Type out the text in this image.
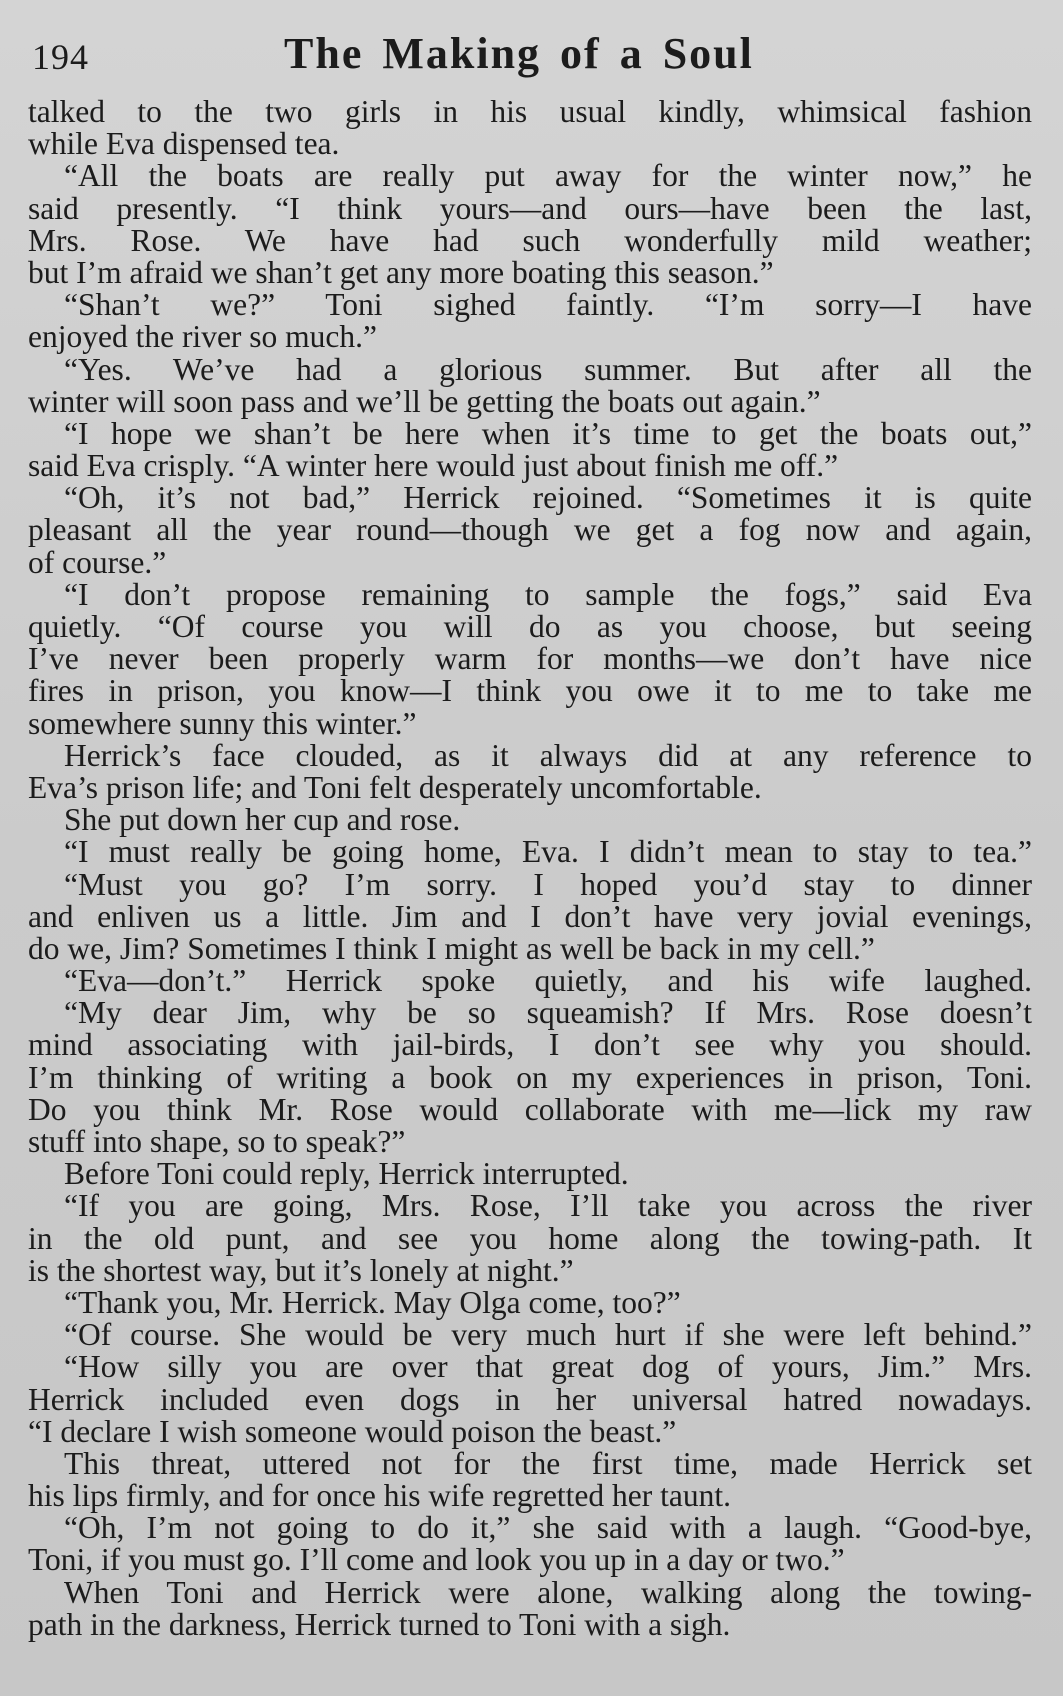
194	The Making of a Soul
talked to the two girls in his usual kindly, whimsical fashion
while Eva dispensed tea.
“All the boats are really put away for the winter now,” he
said presently. “I think yours—and ours—have been the last,
Mrs. Rose. We have had such wonderfully mild weather;
but I’m afraid we shan’t get any more boating this season.”
“Shan’t we?” Toni sighed faintly. “I’m sorry—I have
enjoyed the river so much.”
“Yes. We’ve had a glorious summer. But after all the
winter will soon pass and we’ll be getting the boats out again.”
“I hope we shan’t be here when it’s time to get the boats out,”
said Eva crisply. “A winter here would just about finish me off.”
“Oh, it’s not bad,” Herrick rejoined. “Sometimes it is quite
pleasant all the year round—though we get a fog now and again,
of course.”
“I don’t propose remaining to sample the fogs,” said Eva
quietly. “Of course you will do as you choose, but seeing
I’ve never been properly warm for months—we don’t have nice
fires in prison, you know—I think you owe it to me to take me
somewhere sunny this winter.”
Herrick’s face clouded, as it always did at any reference to
Eva’s prison life; and Toni felt desperately uncomfortable.
She put down her cup and rose.
“I must really be going home, Eva. I didn’t mean to stay to tea.”
“Must you go? I’m sorry. I hoped you’d stay to dinner
and enliven us a little. Jim and I don’t have very jovial evenings,
do we, Jim? Sometimes I think I might as well be back in my cell.”
“Eva—don’t.” Herrick spoke quietly, and his wife laughed.
“My dear Jim, why be so squeamish? If Mrs. Rose doesn’t
mind associating with jail-birds, I don’t see why you should.
I’m thinking of writing a book on my experiences in prison, Toni.
Do you think Mr. Rose would collaborate with me—lick my raw
stuff into shape, so to speak?”
Before Toni could reply, Herrick interrupted.
“If you are going, Mrs. Rose, I’ll take you across the river
in the old punt, and see you home along the towing-path. It
is the shortest way, but it’s lonely at night.”
“Thank you, Mr. Herrick. May Olga come, too?”
“Of course. She would be very much hurt if she were left behind.”
“How silly you are over that great dog of yours, Jim.” Mrs.
Herrick included even dogs in her universal hatred nowadays.
“I declare I wish someone would poison the beast.”
This threat, uttered not for the first time, made Herrick set
his lips firmly, and for once his wife regretted her taunt.
“Oh, I’m not going to do it,” she said with a laugh. “Good-bye,
Toni, if you must go. I’ll come and look you up in a day or two.”
When Toni and Herrick were alone, walking along the towing-
path in the darkness, Herrick turned to Toni with a sigh.
